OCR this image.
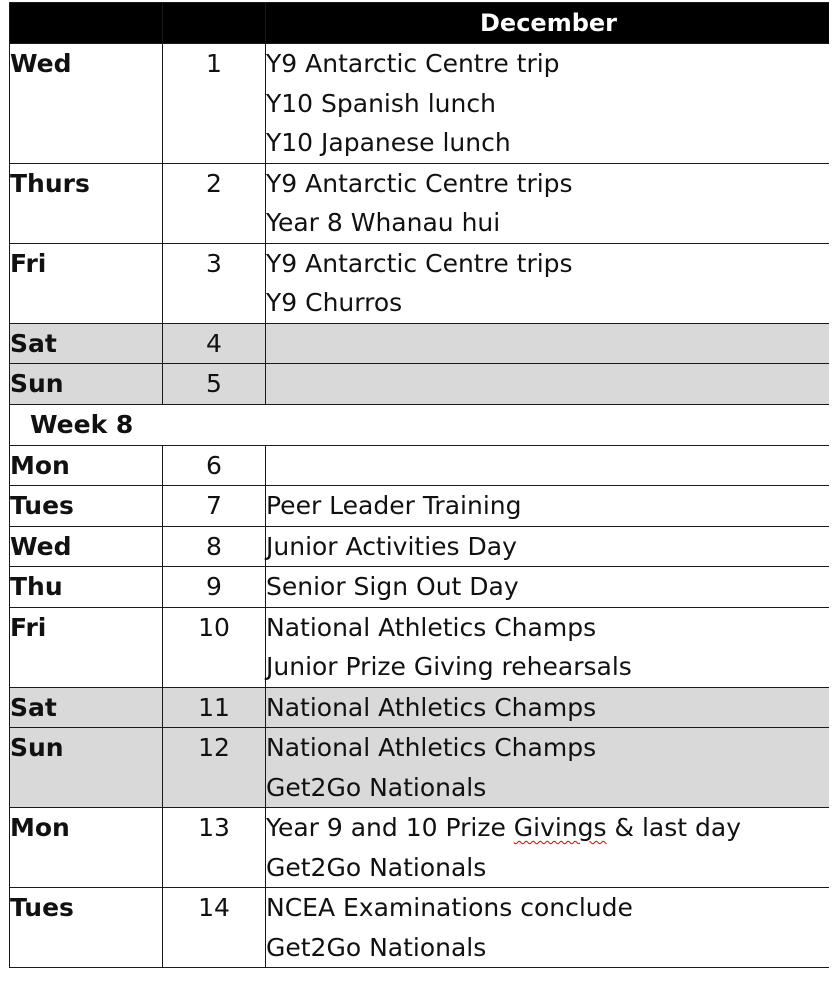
		December

Wed	1	Y9 Antarctic Centre trip
Y10 Spanish lunch
Y10 Japanese lunch

Thurs	2	Y9 Antarctic Centre trips
Year 8 Whanau hui

Fri	3	Y9 Antarctic Centre trips
Y9 Churros

Sat	4	

Sun	5	

Week 8		

Mon	6	

Tues	7	Peer Leader Training

Wed	8	Junior Activities Day

Thu	9	Senior Sign Out Day

Fri	10	National Athletics Champs
Junior Prize Giving rehearsals

Sat	11	National Athletics Champs

Sun	12	National Athletics Champs
Get2Go Nationals

Mon	13	Year 9 and 10 Prize Givings & last day
Get2Go Nationals

Tues	14	NCEA Examinations conclude
Get2Go Nationals
